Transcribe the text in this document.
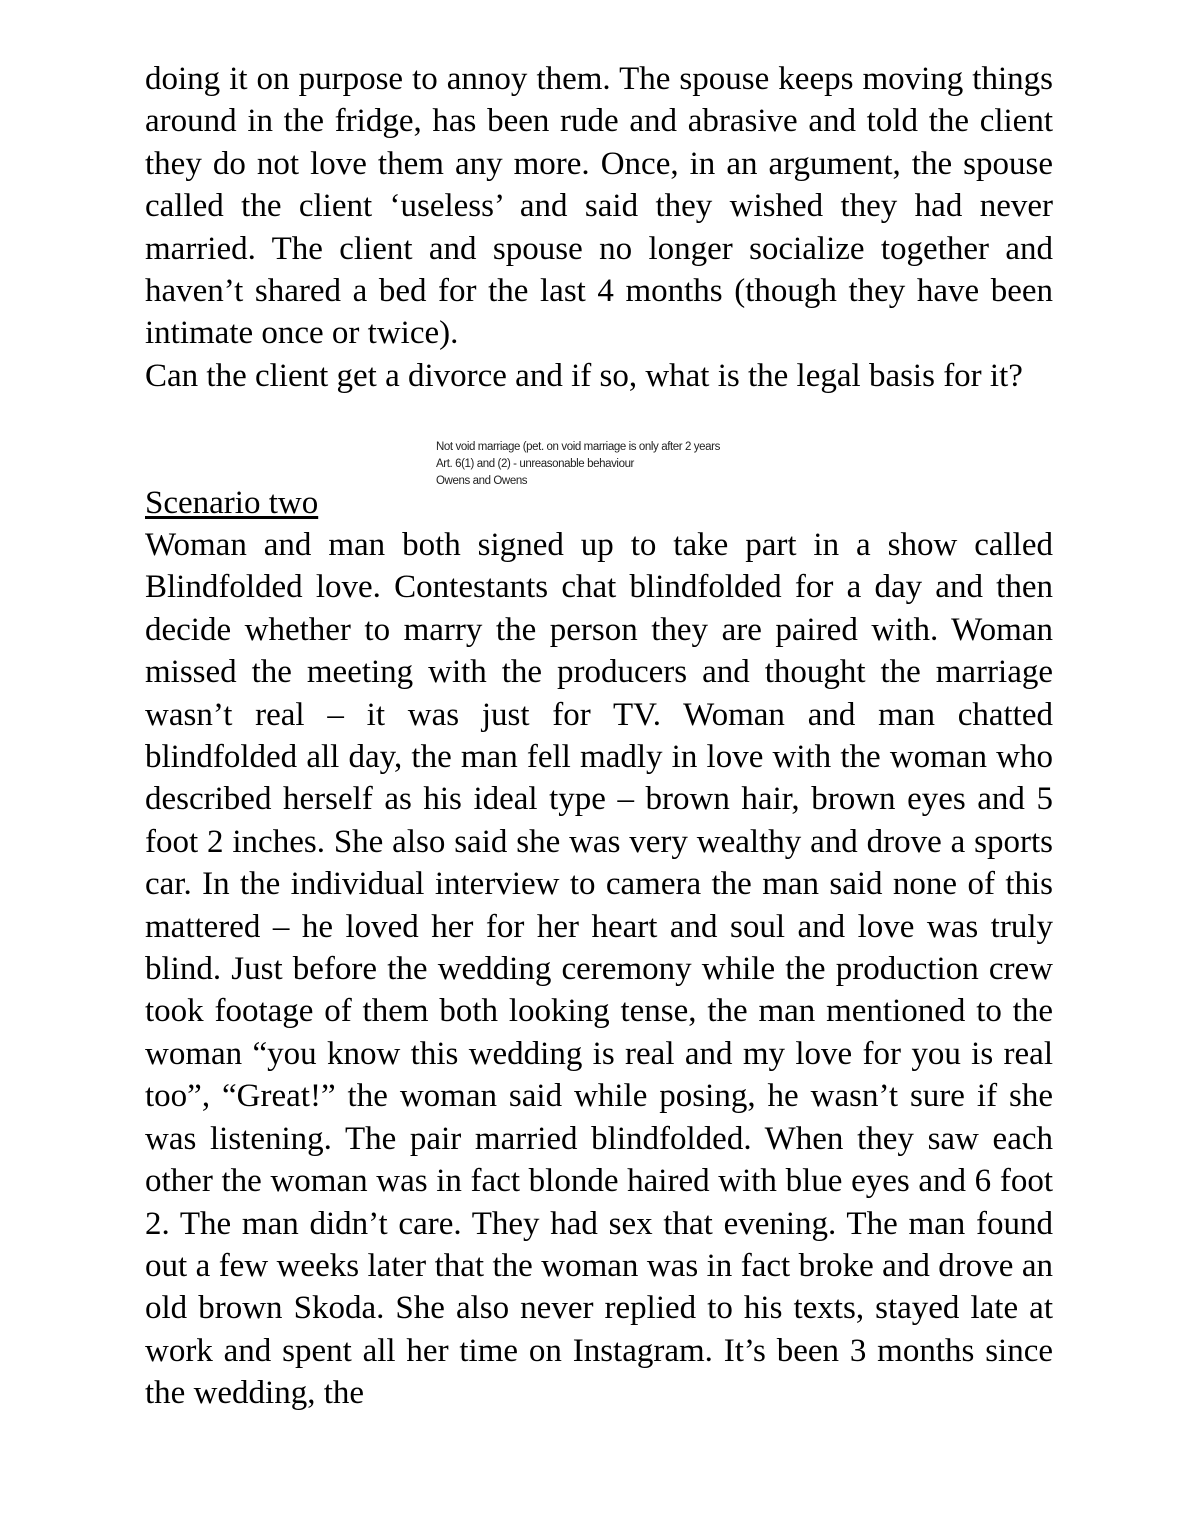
doing it on purpose to annoy them. The spouse keeps moving things around in the fridge, has been rude and abrasive and told the client they do not love them any more. Once, in an argument, the spouse called the client ‘useless’ and said they wished they had never married. The client and spouse no longer socialize together and haven’t shared a bed for the last 4 months (though they have been intimate once or twice).

Can the client get a divorce and if so, what is the legal basis for it?

Not void marriage (pet. on void marriage is only after 2 years
Art. 6(1) and (2) - unreasonable behaviour
Owens and Owens

Scenario two

Woman and man both signed up to take part in a show called Blindfolded love. Contestants chat blindfolded for a day and then decide whether to marry the person they are paired with. Woman missed the meeting with the producers and thought the marriage wasn’t real – it was just for TV. Woman and man chatted blindfolded all day, the man fell madly in love with the woman who described herself as his ideal type – brown hair, brown eyes and 5 foot 2 inches. She also said she was very wealthy and drove a sports car. In the individual interview to camera the man said none of this mattered – he loved her for her heart and soul and love was truly blind. Just before the wedding ceremony while the production crew took footage of them both looking tense, the man mentioned to the woman “you know this wedding is real and my love for you is real too”, “Great!” the woman said while posing, he wasn’t sure if she was listening. The pair married blindfolded. When they saw each other the woman was in fact blonde haired with blue eyes and 6 foot 2. The man didn’t care. They had sex that evening. The man found out a few weeks later that the woman was in fact broke and drove an old brown Skoda. She also never replied to his texts, stayed late at work and spent all her time on Instagram. It’s been 3 months since the wedding, the
